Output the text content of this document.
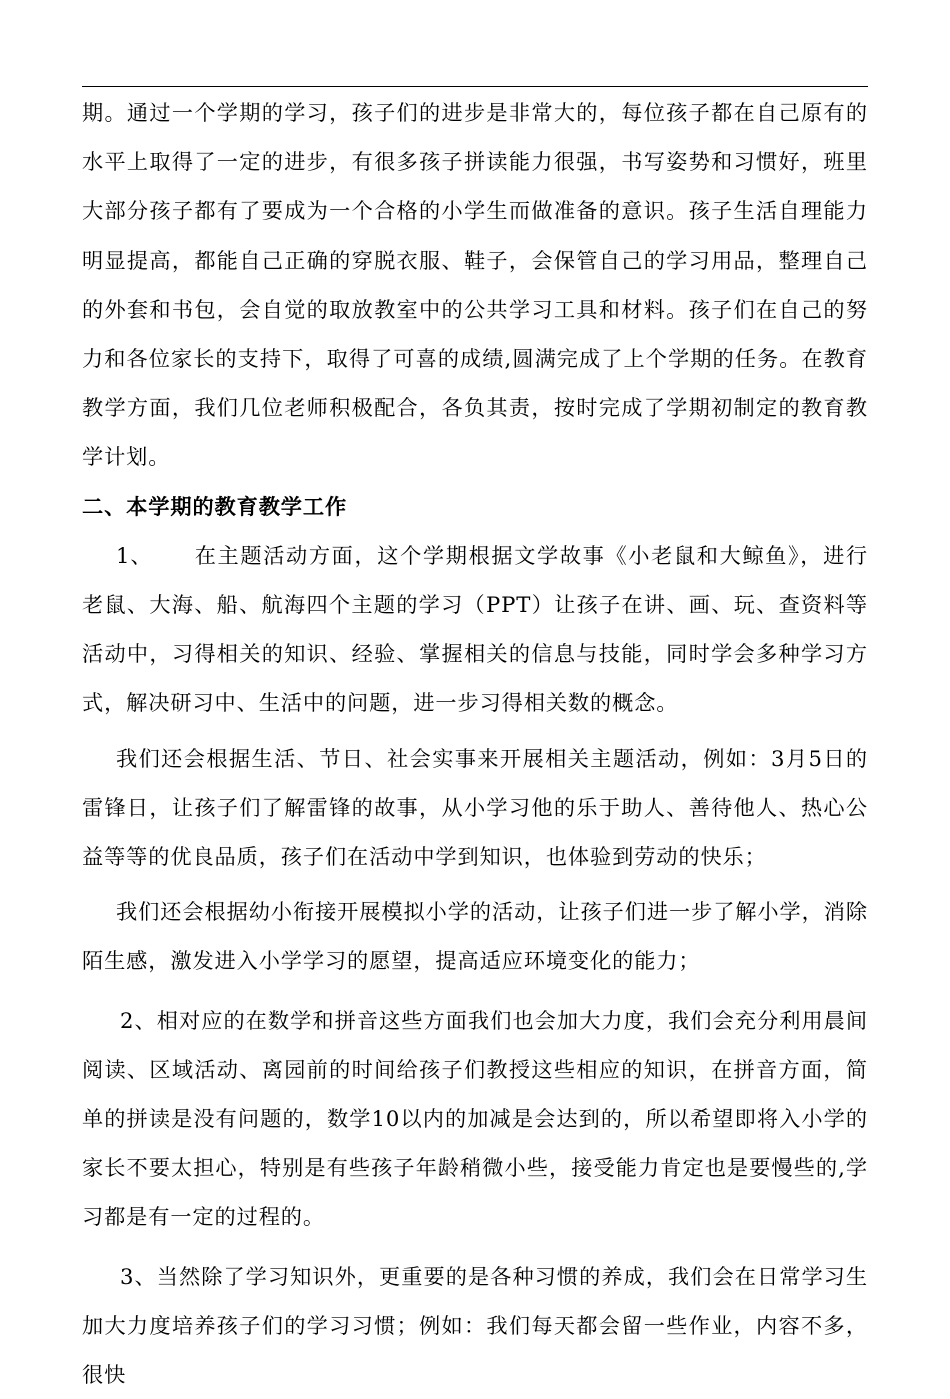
期。通过一个学期的学习，孩子们的进步是非常大的，每位孩子都在自己原有的水平上取得了一定的进步，有很多孩子拼读能力很强，书写姿势和习惯好，班里大部分孩子都有了要成为一个合格的小学生而做准备的意识。孩子生活自理能力明显提高，都能自己正确的穿脱衣服、鞋子，会保管自己的学习用品，整理自己的外套和书包，会自觉的取放教室中的公共学习工具和材料。孩子们在自己的努力和各位家长的支持下，取得了可喜的成绩,圆满完成了上个学期的任务。在教育教学方面，我们几位老师积极配合，各负其责，按时完成了学期初制定的教育教学计划。

二、本学期的教育教学工作

1、 在主题活动方面，这个学期根据文学故事《小老鼠和大鲸鱼》，进行老鼠、大海、船、航海四个主题的学习（PPT）让孩子在讲、画、玩、查资料等活动中，习得相关的知识、经验、掌握相关的信息与技能，同时学会多种学习方式，解决研习中、生活中的问题，进一步习得相关数的概念。

我们还会根据生活、节日、社会实事来开展相关主题活动，例如：3月5日的雷锋日，让孩子们了解雷锋的故事，从小学习他的乐于助人、善待他人、热心公益等等的优良品质，孩子们在活动中学到知识，也体验到劳动的快乐；

我们还会根据幼小衔接开展模拟小学的活动，让孩子们进一步了解小学，消除陌生感，激发进入小学学习的愿望，提高适应环境变化的能力；

2、相对应的在数学和拼音这些方面我们也会加大力度，我们会充分利用晨间阅读、区域活动、离园前的时间给孩子们教授这些相应的知识，在拼音方面，简单的拼读是没有问题的，数学10以内的加减是会达到的，所以希望即将入小学的家长不要太担心，特别是有些孩子年龄稍微小些，接受能力肯定也是要慢些的,学习都是有一定的过程的。

3、当然除了学习知识外，更重要的是各种习惯的养成，我们会在日常学习生加大力度培养孩子们的学习习惯；例如：我们每天都会留一些作业，内容不多，很快
